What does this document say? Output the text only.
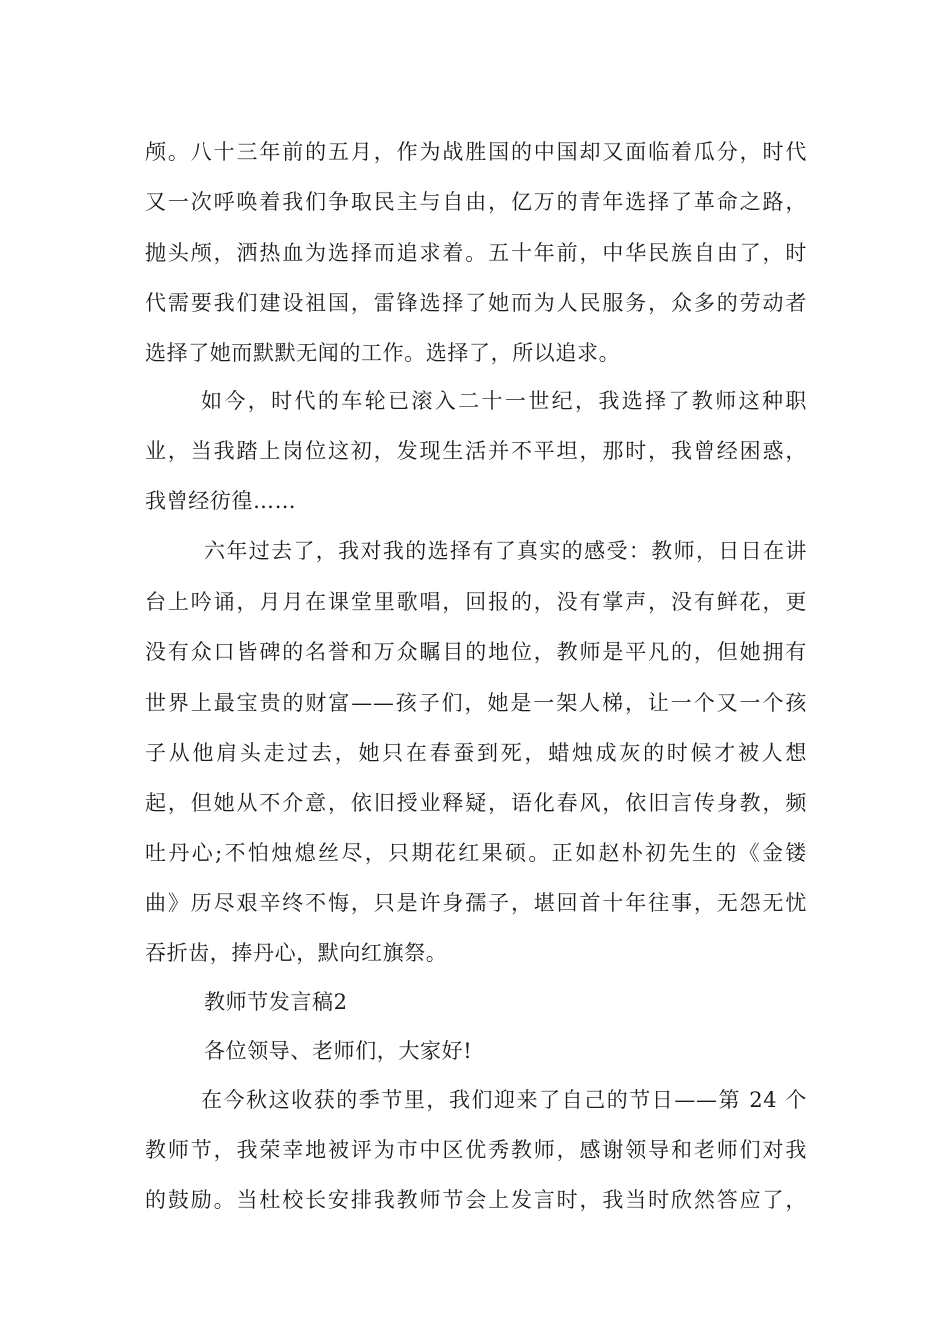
颅。八十三年前的五月，作为战胜国的中国却又面临着瓜分，时代
又一次呼唤着我们争取民主与自由，亿万的青年选择了革命之路，
抛头颅，洒热血为选择而追求着。五十年前，中华民族自由了，时
代需要我们建设祖国，雷锋选择了她而为人民服务，众多的劳动者
选择了她而默默无闻的工作。选择了，所以追求。
如今，时代的车轮已滚入二十一世纪，我选择了教师这种职
业，当我踏上岗位这初，发现生活并不平坦，那时，我曾经困惑，
我曾经彷徨……
六年过去了，我对我的选择有了真实的感受：教师，日日在讲
台上吟诵，月月在课堂里歌唱，回报的，没有掌声，没有鲜花，更
没有众口皆碑的名誉和万众瞩目的地位，教师是平凡的，但她拥有
世界上最宝贵的财富——孩子们，她是一架人梯，让一个又一个孩
子从他肩头走过去，她只在春蚕到死，蜡烛成灰的时候才被人想
起，但她从不介意，依旧授业释疑，语化春风，依旧言传身教，频
吐丹心;不怕烛熄丝尽，只期花红果硕。正如赵朴初先生的《金镂
曲》历尽艰辛终不悔，只是许身孺子，堪回首十年往事，无怨无忧
吞折齿，捧丹心，默向红旗祭。
教师节发言稿2
各位领导、老师们，大家好!
在今秋这收获的季节里，我们迎来了自己的节日——第 24 个
教师节，我荣幸地被评为市中区优秀教师，感谢领导和老师们对我
的鼓励。当杜校长安排我教师节会上发言时，我当时欣然答应了，
